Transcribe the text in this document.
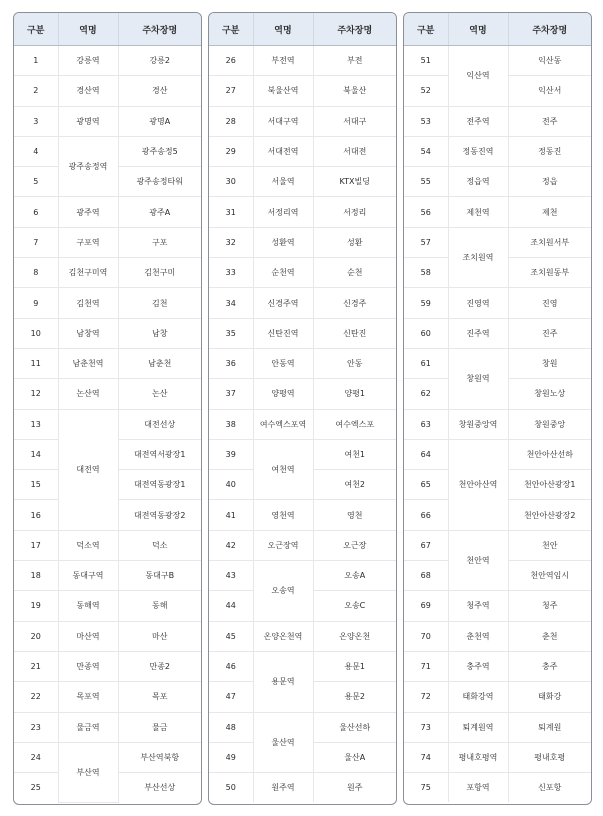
구분	역명	주차장명
1	강릉역	강릉2
2	경산역	경산
3	광명역	광명A
4	광주송정역	광주송정5
5		광주송정타워
6	광주역	광주A
7	구포역	구포
8	김천구미역	김천구미
9	김천역	김천
10	남창역	남창
11	남춘천역	남춘천
12	논산역	논산
13	대전역	대전선상
14		대전역서광장1
15		대전역동광장1
16		대전역동광장2
17	덕소역	덕소
18	동대구역	동대구B
19	동해역	동해
20	마산역	마산
21	만종역	만종2
22	목포역	목포
23	물금역	물금
24	부산역	부산역북항
25		부산선상
구분	역명	주차장명
26	부전역	부전
27	북울산역	북울산
28	서대구역	서대구
29	서대전역	서대전
30	서울역	KTX빌딩
31	서정리역	서정리
32	성환역	성환
33	순천역	순천
34	신경주역	신경주
35	신탄진역	신탄진
36	안동역	안동
37	양평역	양평1
38	여수엑스포역	여수엑스포
39	여천역	여천1
40		여천2
41	영천역	영천
42	오근장역	오근장
43	오송역	오송A
44		오송C
45	온양온천역	온양온천
46	용문역	용문1
47		용문2
48	울산역	울산선하
49		울산A
50	원주역	원주
구분	역명	주차장명
51	익산역	익산동
52		익산서
53	전주역	전주
54	정동진역	정동진
55	정읍역	정읍
56	제천역	제천
57	조치원역	조치원서부
58		조치원동부
59	진영역	진영
60	진주역	진주
61	창원역	창원
62		창원노상
63	창원중앙역	창원중앙
64	천안아산역	천안아산선하
65		천안아산광장1
66		천안아산광장2
67	천안역	천안
68		천안역임시
69	청주역	청주
70	춘천역	춘천
71	충주역	충주
72	태화강역	태화강
73	퇴계원역	퇴계원
74	평내호평역	평내호평
75	포항역	신포항
